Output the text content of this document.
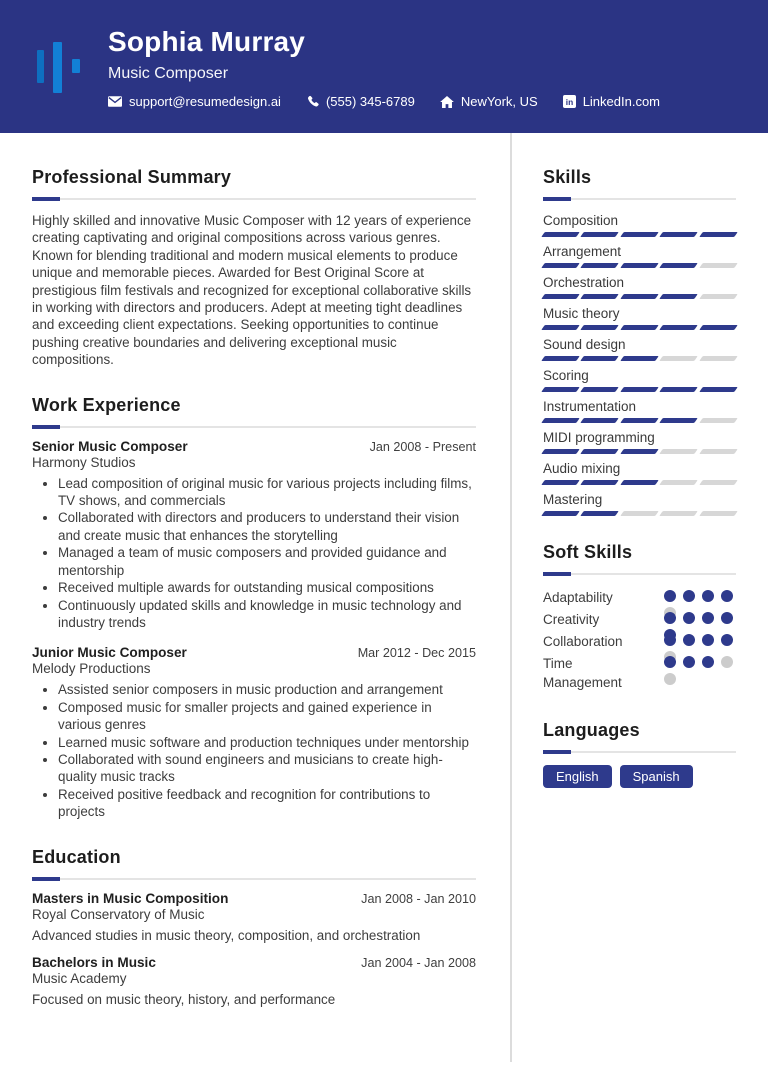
Sophia Murray
Music Composer
support@resumedesign.ai	(555) 345-6789	NewYork, US	in LinkedIn.com
Professional Summary
Highly skilled and innovative Music Composer with 12 years of experience creating captivating and original compositions across various genres. Known for blending traditional and modern musical elements to produce unique and memorable pieces. Awarded for Best Original Score at prestigious film festivals and recognized for exceptional collaborative skills in working with directors and producers. Adept at meeting tight deadlines and exceeding client expectations. Seeking opportunities to continue pushing creative boundaries and delivering exceptional music compositions.
Work Experience
Senior Music Composer	Jan 2008 - Present
Harmony Studios
• Lead composition of original music for various projects including films, TV shows, and commercials
• Collaborated with directors and producers to understand their vision and create music that enhances the storytelling
• Managed a team of music composers and provided guidance and mentorship
• Received multiple awards for outstanding musical compositions
• Continuously updated skills and knowledge in music technology and industry trends
Junior Music Composer	Mar 2012 - Dec 2015
Melody Productions
• Assisted senior composers in music production and arrangement
• Composed music for smaller projects and gained experience in various genres
• Learned music software and production techniques under mentorship
• Collaborated with sound engineers and musicians to create high-quality music tracks
• Received positive feedback and recognition for contributions to projects
Education
Masters in Music Composition	Jan 2008 - Jan 2010
Royal Conservatory of Music
Advanced studies in music theory, composition, and orchestration
Bachelors in Music	Jan 2004 - Jan 2008
Music Academy
Focused on music theory, history, and performance
Skills
Composition
Arrangement
Orchestration
Music theory
Sound design
Scoring
Instrumentation
MIDI programming
Audio mixing
Mastering
Soft Skills
Adaptability
Creativity
Collaboration
Time Management
Languages
English	Spanish
